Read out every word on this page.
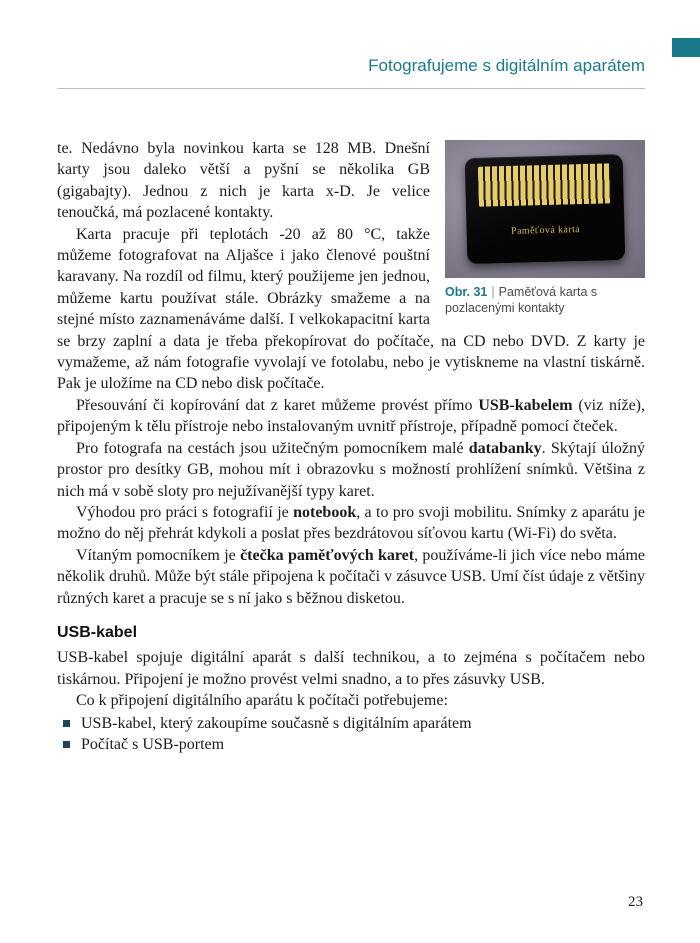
Fotografujeme s digitálním aparátem
Paměťová karta
Obr. 31 | Paměťová karta s pozlacenými kontakty

te. Nedávno byla novinkou karta se 128 MB. Dnešní karty jsou daleko větší a pyšní se několika GB (gigabajty). Jednou z nich je karta x-D. Je velice tenoučká, má pozlacené kontakty.

Karta pracuje při teplotách -20 až 80 °C, takže můžeme fotografovat na Aljašce i jako členové pouštní karavany. Na rozdíl od filmu, který použijeme jen jednou, můžeme kartu používat stále. Obrázky smažeme a na stejné místo zaznamenáváme další. I velkokapacitní karta se brzy zaplní a data je třeba překopírovat do počítače, na CD nebo DVD. Z karty je vymažeme, až nám fotografie vyvolají ve fotolabu, nebo je vytiskneme na vlastní tiskárně. Pak je uložíme na CD nebo disk počítače.

Přesouvání či kopírování dat z karet můžeme provést přímo USB-kabelem (viz níže), připojeným k tělu přístroje nebo instalovaným uvnitř přístroje, případně pomocí čteček.

Pro fotografa na cestách jsou užitečným pomocníkem malé databanky. Skýtají úložný prostor pro desítky GB, mohou mít i obrazovku s možností prohlížení snímků. Většina z nich má v sobě sloty pro nejužívanější typy karet.

Výhodou pro práci s fotografií je notebook, a to pro svoji mobilitu. Snímky z aparátu je možno do něj přehrát kdykoli a poslat přes bezdrátovou síťovou kartu (Wi-Fi) do světa.

Vítaným pomocníkem je čtečka paměťových karet, používáme-li jich více nebo máme několik druhů. Může být stále připojena k počítači v zásuvce USB. Umí číst údaje z většiny různých karet a pracuje se s ní jako s běžnou disketou.

USB-kabel

USB-kabel spojuje digitální aparát s další technikou, a to zejména s počítačem nebo tiskárnou. Připojení je možno provést velmi snadno, a to přes zásuvky USB.

Co k připojení digitálního aparátu k počítači potřebujeme:

USB-kabel, který zakoupíme současně s digitálním aparátem
Počítač s USB-portem
23
